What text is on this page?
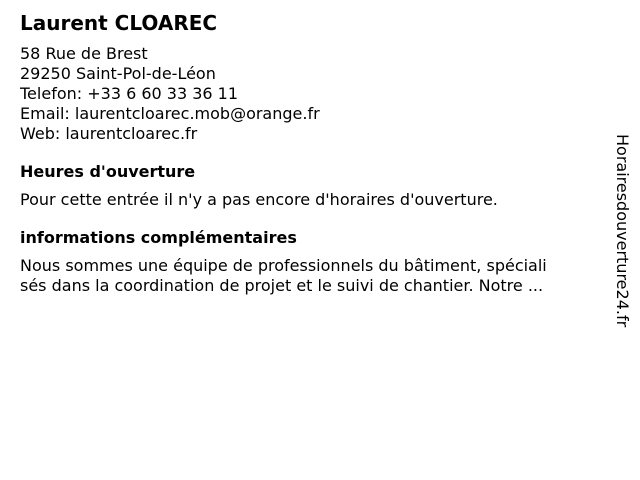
Laurent CLOAREC
58 Rue de Brest
29250 Saint-Pol-de-Léon
Telefon: +33 6 60 33 36 11
Email: laurentcloarec.mob@orange.fr
Web: laurentcloarec.fr
Heures d'ouverture

Pour cette entrée il n'y a pas encore d'horaires d'ouverture.

informations complémentaires
Nous sommes une équipe de professionnels du bâtiment, spéciali
sés dans la coordination de projet et le suivi de chantier. Notre ...	Horairesdouverture24.fr
